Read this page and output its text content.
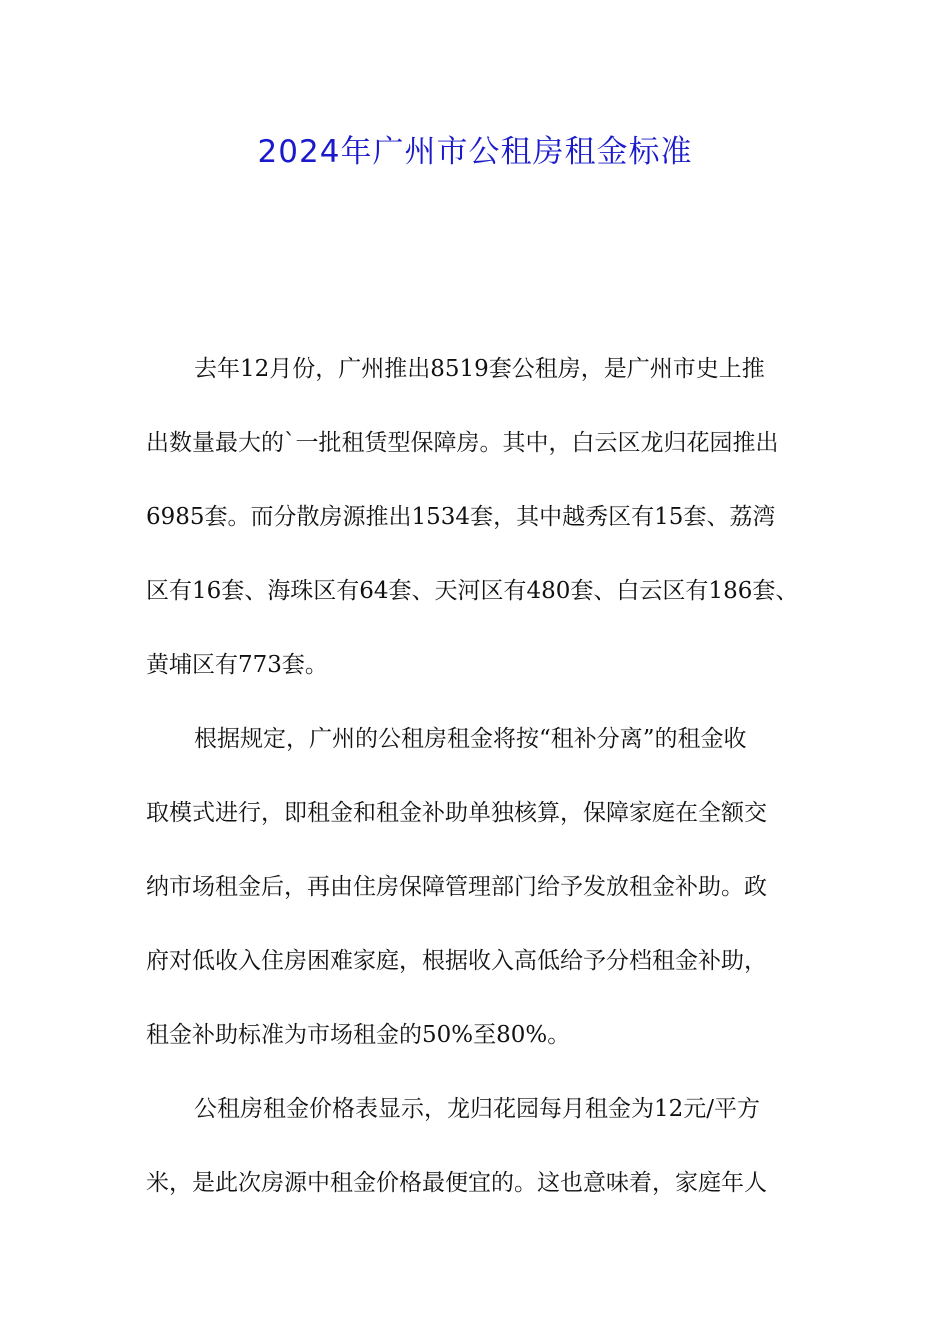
2024年广州市公租房租金标准

去年12月份，广州推出8519套公租房，是广州市史上推
出数量最大的`一批租赁型保障房。其中，白云区龙归花园推出
6985套。而分散房源推出1534套，其中越秀区有15套、荔湾
区有16套、海珠区有64套、天河区有480套、白云区有186套、
黄埔区有773套。

根据规定，广州的公租房租金将按“租补分离”的租金收
取模式进行，即租金和租金补助单独核算，保障家庭在全额交
纳市场租金后，再由住房保障管理部门给予发放租金补助。政
府对低收入住房困难家庭，根据收入高低给予分档租金补助，
租金补助标准为市场租金的50%至80%。

公租房租金价格表显示，龙归花园每月租金为12元/平方
米，是此次房源中租金价格最便宜的。这也意味着，家庭年人
